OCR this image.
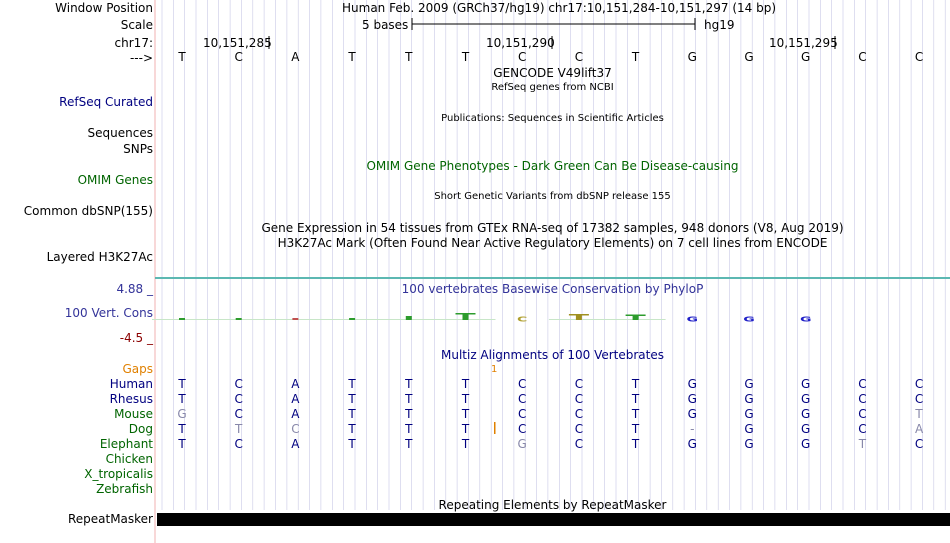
C	G	G	G
Window Position	Human Feb. 2009 (GRCh37/hg19) chr17:10,151,284-10,151,297 (14 bp)
Scale	5 bases	hg19
chr17:	10,151,285	10,151,290	10,151,295
---> T	C	A	T	T	T	C	C	T	G	G	G	C	C
GENCODE V49lift37
RefSeq genes from NCBI
RefSeq Curated
Publications: Sequences in Scientific Articles
Sequences
SNPs
OMIM Gene Phenotypes - Dark Green Can Be Disease-causing
OMIM Genes
Short Genetic Variants from dbSNP release 155
Common dbSNP(155)
Gene Expression in 54 tissues from GTEx RNA-seq of 17382 samples, 948 donors (V8, Aug 2019)
H3K27Ac Mark (Often Found Near Active Regulatory Elements) on 7 cell lines from ENCODE
Layered H3K27Ac
100 vertebrates Basewise Conservation by PhyloP
4.88 _
100 Vert. Cons
-4.5 _
Multiz Alignments of 100 Vertebrates
Gaps	1
Human T	C	A	T	T	T	C	C	T	G	G	G	C	C
Rhesus T	C	A	T	T	T	C	C	T	G	G	G	C	C
Mouse G	C	A	T	T	T	C	C	T	G	G	G	C	T
Dog T	T	C	T	T	T	C	C	T	-	G	G	C	A
Elephant T	C	A	T	T	T	G	C	T	G	G	G	T	C
Chicken
X_tropicalis
Zebrafish
Repeating Elements by RepeatMasker
RepeatMasker
